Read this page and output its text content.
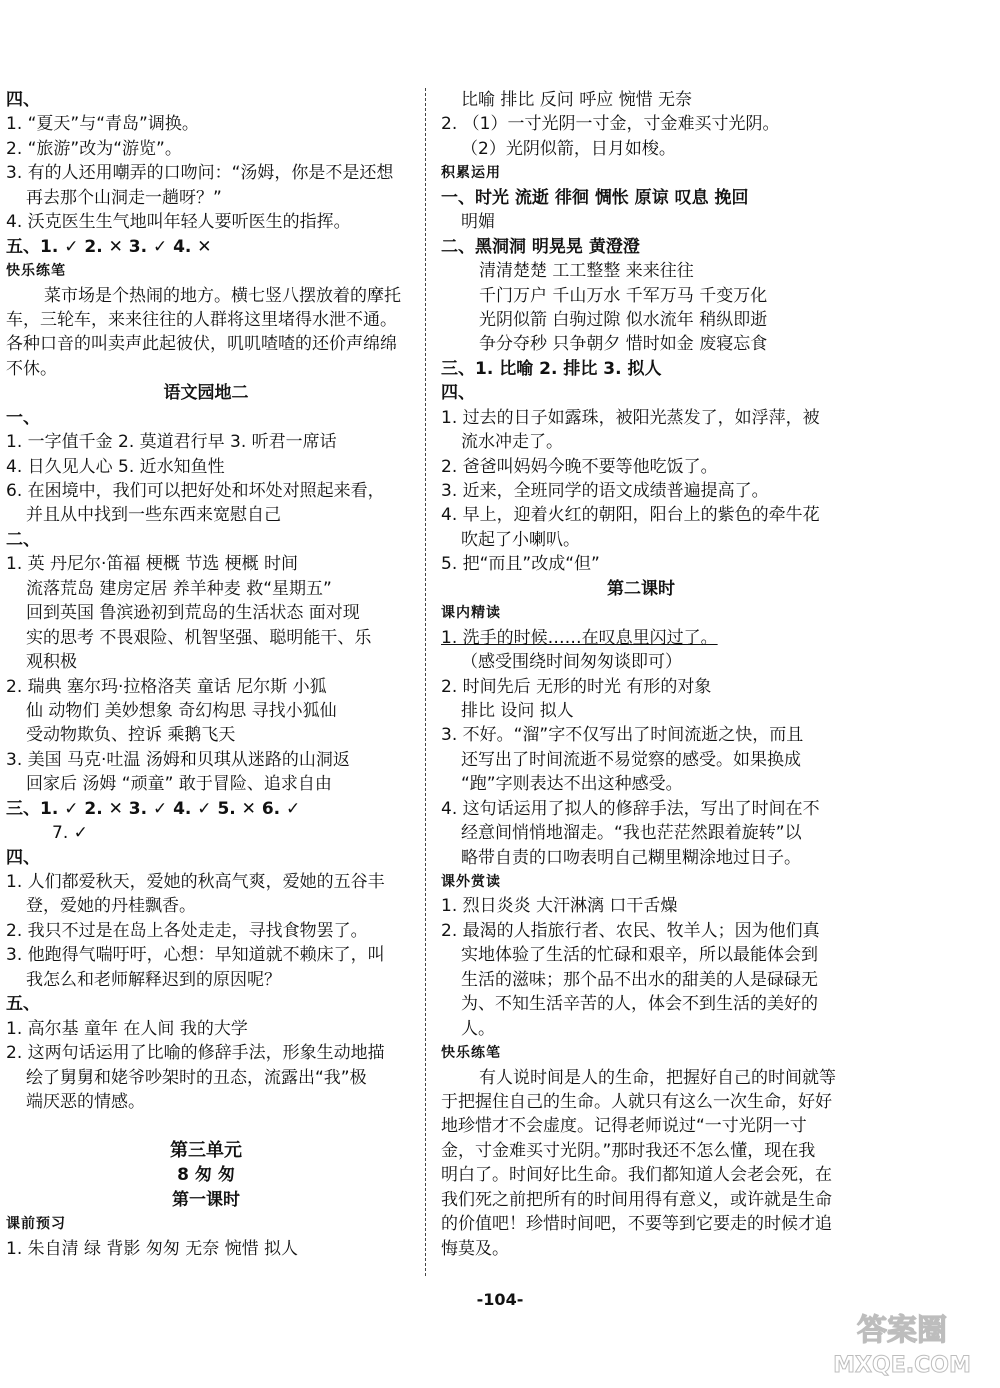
四、
1. “夏天”与“青岛”调换。
2. “旅游”改为“游览”。
3. 有的人还用嘲弄的口吻问：“汤姆，你是不是还想
再去那个山洞走一趟呀？”
4. 沃克医生生气地叫年轻人要听医生的指挥。
五、1. ✓ 2. ✕ 3. ✓ 4. ✕
快乐练笔
菜市场是个热闹的地方。横七竖八摆放着的摩托
车，三轮车，来来往往的人群将这里堵得水泄不通。
各种口音的叫卖声此起彼伏，叽叽喳喳的还价声绵绵
不休。
语文园地二
一、
1. 一字值千金 2. 莫道君行早 3. 听君一席话
4. 日久见人心 5. 近水知鱼性
6. 在困境中，我们可以把好处和坏处对照起来看，
并且从中找到一些东西来宽慰自己
二、
1. 英 丹尼尔·笛福 梗概 节选 梗概 时间
流落荒岛 建房定居 养羊种麦 救“星期五”
回到英国 鲁滨逊初到荒岛的生活状态 面对现
实的思考 不畏艰险、机智坚强、聪明能干、乐
观积极
2. 瑞典 塞尔玛·拉格洛芙 童话 尼尔斯 小狐
仙 动物们 美妙想象 奇幻构思 寻找小狐仙
受动物欺负、控诉 乘鹅飞天
3. 美国 马克·吐温 汤姆和贝琪从迷路的山洞返
回家后 汤姆 “顽童” 敢于冒险、追求自由
三、1. ✓ 2. ✕ 3. ✓ 4. ✓ 5. ✕ 6. ✓
7. ✓
四、
1. 人们都爱秋天，爱她的秋高气爽，爱她的五谷丰
登，爱她的丹桂飘香。
2. 我只不过是在岛上各处走走，寻找食物罢了。
3. 他跑得气喘吁吁，心想：早知道就不赖床了，叫
我怎么和老师解释迟到的原因呢？
五、
1. 高尔基 童年 在人间 我的大学
2. 这两句话运用了比喻的修辞手法，形象生动地描
绘了舅舅和姥爷吵架时的丑态，流露出“我”极
端厌恶的情感。
第三单元
8 匆 匆
第一课时
课前预习
1. 朱自清 绿 背影 匆匆 无奈 惋惜 拟人
比喻 排比 反问 呼应 惋惜 无奈
2. （1）一寸光阴一寸金，寸金难买寸光阴。
（2）光阴似箭，日月如梭。
积累运用
一、时光 流逝 徘徊 惆怅 原谅 叹息 挽回
明媚
二、黑洞洞 明晃晃 黄澄澄
清清楚楚 工工整整 来来往往
千门万户 千山万水 千军万马 千变万化
光阴似箭 白驹过隙 似水流年 稍纵即逝
争分夺秒 只争朝夕 惜时如金 废寝忘食
三、1. 比喻 2. 排比 3. 拟人
四、
1. 过去的日子如露珠，被阳光蒸发了，如浮萍，被
流水冲走了。
2. 爸爸叫妈妈今晚不要等他吃饭了。
3. 近来，全班同学的语文成绩普遍提高了。
4. 早上，迎着火红的朝阳，阳台上的紫色的牵牛花
吹起了小喇叭。
5. 把“而且”改成“但”
第二课时
课内精读
1. 洗手的时候……在叹息里闪过了。
（感受围绕时间匆匆谈即可）
2. 时间先后 无形的时光 有形的对象
排比 设问 拟人
3. 不好。“溜”字不仅写出了时间流逝之快，而且
还写出了时间流逝不易觉察的感受。如果换成
“跑”字则表达不出这种感受。
4. 这句话运用了拟人的修辞手法，写出了时间在不
经意间悄悄地溜走。“我也茫茫然跟着旋转”以
略带自责的口吻表明自己糊里糊涂地过日子。
课外赏读
1. 烈日炎炎 大汗淋漓 口干舌燥
2. 最渴的人指旅行者、农民、牧羊人；因为他们真
实地体验了生活的忙碌和艰辛，所以最能体会到
生活的滋味；那个品不出水的甜美的人是碌碌无
为、不知生活辛苦的人，体会不到生活的美好的
人。
快乐练笔
有人说时间是人的生命，把握好自己的时间就等
于把握住自己的生命。人就只有这么一次生命，好好
地珍惜才不会虚度。记得老师说过“一寸光阴一寸
金，寸金难买寸光阴。”那时我还不怎么懂，现在我
明白了。时间好比生命。我们都知道人会老会死，在
我们死之前把所有的时间用得有意义，或许就是生命
的价值吧！珍惜时间吧，不要等到它要走的时候才追
悔莫及。
-104-
答案圈
MXQE.COM
